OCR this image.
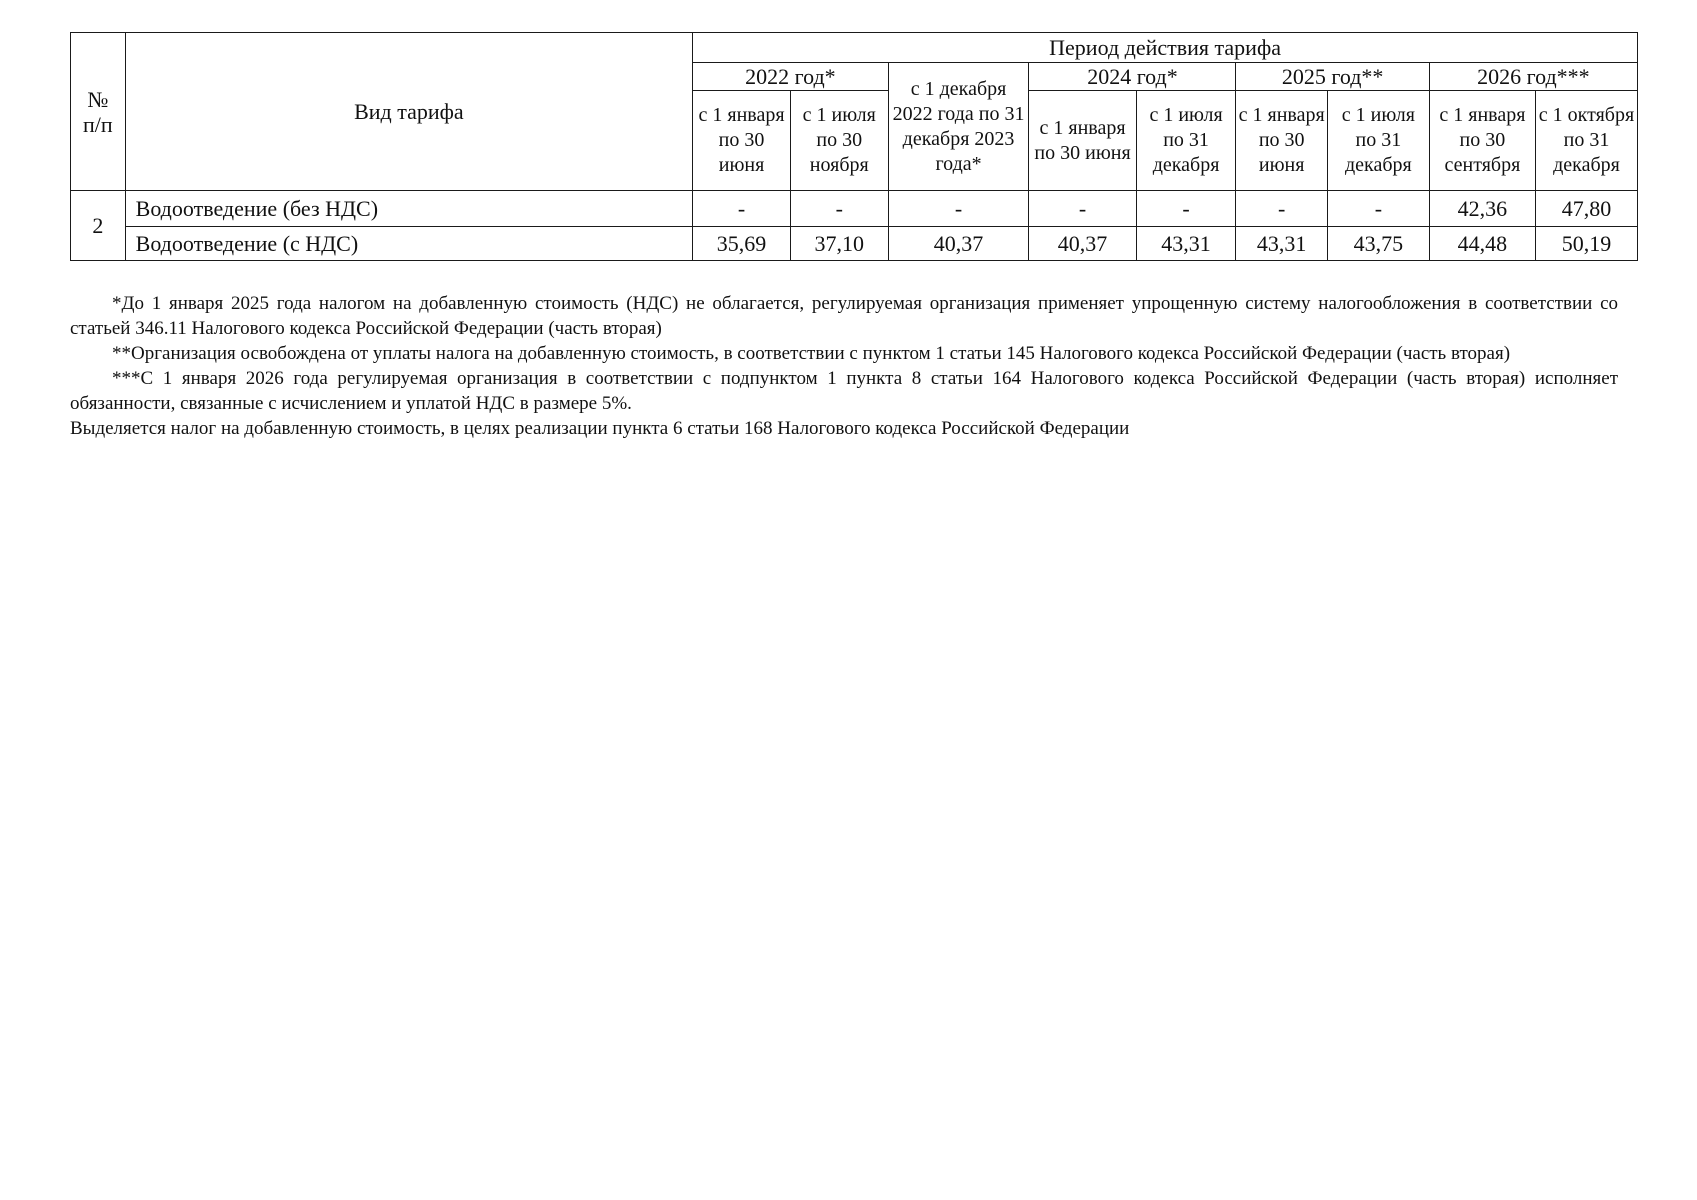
№
п/п	Вид тарифа	Период действия тарифа								
		2022 год*		с 1 декабря 2022 года по 31 декабря 2023 года*	2024 год*		2025 год**		2026 год***	
		с 1 января по 30 июня	с 1 июля по 30 ноября		с 1 января по 30 июня	с 1 июля по 31 декабря	с 1 января по 30 июня	с 1 июля по 31 декабря	с 1 января по 30 сентября	с 1 октября по 31 декабря
2	Водоотведение (без НДС)	-	-	-	-	-	-	-	42,36	47,80
	Водоотведение (с НДС)	35,69	37,10	40,37	40,37	43,31	43,31	43,75	44,48	50,19

*До 1 января 2025 года налогом на добавленную стоимость (НДС) не облагается, регулируемая организация применяет упрощенную систему налогообложения в соответствии со статьей 346.11 Налогового кодекса Российской Федерации (часть вторая)

**Организация освобождена от уплаты налога на добавленную стоимость, в соответствии с пунктом 1 статьи 145 Налогового кодекса Российской Федерации (часть вторая)

***С 1 января 2026 года регулируемая организация в соответствии с подпунктом 1 пункта 8 статьи 164 Налогового кодекса Российской Федерации (часть вторая) исполняет обязанности, связанные с исчислением и уплатой НДС в размере 5%.

Выделяется налог на добавленную стоимость, в целях реализации пункта 6 статьи 168 Налогового кодекса Российской Федерации
